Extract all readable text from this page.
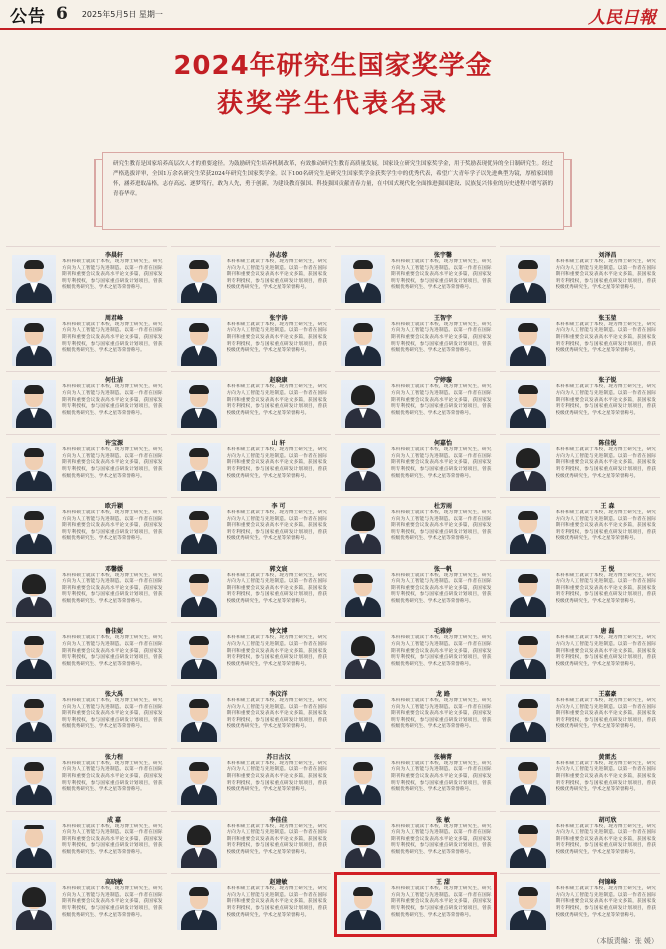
公告 6 2025年5月5日 星期一	人民日報
2024年研究生国家奖学金
获奖学生代表名录
研究生教育是国家培养高层次人才的重要途径。为鼓励研究生培养机制改革，有效推动研究生教育高质量发展，国家设立研究生国家奖学金，用于奖励表现优异的全日制研究生。经过严格选拔评审，全国1万余名研究生荣获2024年研究生国家奖学金。以下100名研究生是研究生国家奖学金获奖学生中的优秀代表，希望广大青年学子以先进典型为镜，厚植家国情怀，涵养进取品格，志存高远、逐梦笃行，敢为人先，勇于创新，为建设教育强国、科技强国贡献青春力量，在中国式现代化全面推进强国建设、民族复兴伟业的历史进程中谱写新的青春华章。
李晨轩
本科和硕士就读于本校，现为博士研究生，研究方向为人工智能与先进制造。以第一作者在国际期刊和重要会议发表高水平论文多篇，获国家发明专利授权，参与国家重点研发计划项目，曾获校级优秀研究生、学术之星等荣誉称号。
孙志蓉
本科和硕士就读于本校，现为博士研究生，研究方向为人工智能与先进制造。以第一作者在国际期刊和重要会议发表高水平论文多篇，获国家发明专利授权，参与国家重点研发计划项目，曾获校级优秀研究生、学术之星等荣誉称号。
张宇馨
本科和硕士就读于本校，现为博士研究生，研究方向为人工智能与先进制造。以第一作者在国际期刊和重要会议发表高水平论文多篇，获国家发明专利授权，参与国家重点研发计划项目，曾获校级优秀研究生、学术之星等荣誉称号。
刘泽昌
本科和硕士就读于本校，现为博士研究生，研究方向为人工智能与先进制造。以第一作者在国际期刊和重要会议发表高水平论文多篇，获国家发明专利授权，参与国家重点研发计划项目，曾获校级优秀研究生、学术之星等荣誉称号。
周君峰
本科和硕士就读于本校，现为博士研究生，研究方向为人工智能与先进制造。以第一作者在国际期刊和重要会议发表高水平论文多篇，获国家发明专利授权，参与国家重点研发计划项目，曾获校级优秀研究生、学术之星等荣誉称号。
张宇涛
本科和硕士就读于本校，现为博士研究生，研究方向为人工智能与先进制造。以第一作者在国际期刊和重要会议发表高水平论文多篇，获国家发明专利授权，参与国家重点研发计划项目，曾获校级优秀研究生、学术之星等荣誉称号。
王智宇
本科和硕士就读于本校，现为博士研究生，研究方向为人工智能与先进制造。以第一作者在国际期刊和重要会议发表高水平论文多篇，获国家发明专利授权，参与国家重点研发计划项目，曾获校级优秀研究生、学术之星等荣誉称号。
张玉堃
本科和硕士就读于本校，现为博士研究生，研究方向为人工智能与先进制造。以第一作者在国际期刊和重要会议发表高水平论文多篇，获国家发明专利授权，参与国家重点研发计划项目，曾获校级优秀研究生、学术之星等荣誉称号。
何仕洁
本科和硕士就读于本校，现为博士研究生，研究方向为人工智能与先进制造。以第一作者在国际期刊和重要会议发表高水平论文多篇，获国家发明专利授权，参与国家重点研发计划项目，曾获校级优秀研究生、学术之星等荣誉称号。
赵晓康
本科和硕士就读于本校，现为博士研究生，研究方向为人工智能与先进制造。以第一作者在国际期刊和重要会议发表高水平论文多篇，获国家发明专利授权，参与国家重点研发计划项目，曾获校级优秀研究生、学术之星等荣誉称号。
宁婷璇
本科和硕士就读于本校，现为博士研究生，研究方向为人工智能与先进制造。以第一作者在国际期刊和重要会议发表高水平论文多篇，获国家发明专利授权，参与国家重点研发计划项目，曾获校级优秀研究生、学术之星等荣誉称号。
张子锐
本科和硕士就读于本校，现为博士研究生，研究方向为人工智能与先进制造。以第一作者在国际期刊和重要会议发表高水平论文多篇，获国家发明专利授权，参与国家重点研发计划项目，曾获校级优秀研究生、学术之星等荣誉称号。
许宝源
本科和硕士就读于本校，现为博士研究生，研究方向为人工智能与先进制造。以第一作者在国际期刊和重要会议发表高水平论文多篇，获国家发明专利授权，参与国家重点研发计划项目，曾获校级优秀研究生、学术之星等荣誉称号。
山 轩
本科和硕士就读于本校，现为博士研究生，研究方向为人工智能与先进制造。以第一作者在国际期刊和重要会议发表高水平论文多篇，获国家发明专利授权，参与国家重点研发计划项目，曾获校级优秀研究生、学术之星等荣誉称号。
何嘉怡
本科和硕士就读于本校，现为博士研究生，研究方向为人工智能与先进制造。以第一作者在国际期刊和重要会议发表高水平论文多篇，获国家发明专利授权，参与国家重点研发计划项目，曾获校级优秀研究生、学术之星等荣誉称号。
陈佳悦
本科和硕士就读于本校，现为博士研究生，研究方向为人工智能与先进制造。以第一作者在国际期刊和重要会议发表高水平论文多篇，获国家发明专利授权，参与国家重点研发计划项目，曾获校级优秀研究生、学术之星等荣誉称号。
欧升颖
本科和硕士就读于本校，现为博士研究生，研究方向为人工智能与先进制造。以第一作者在国际期刊和重要会议发表高水平论文多篇，获国家发明专利授权，参与国家重点研发计划项目，曾获校级优秀研究生、学术之星等荣誉称号。
李 可
本科和硕士就读于本校，现为博士研究生，研究方向为人工智能与先进制造。以第一作者在国际期刊和重要会议发表高水平论文多篇，获国家发明专利授权，参与国家重点研发计划项目，曾获校级优秀研究生、学术之星等荣誉称号。
杜芳雨
本科和硕士就读于本校，现为博士研究生，研究方向为人工智能与先进制造。以第一作者在国际期刊和重要会议发表高水平论文多篇，获国家发明专利授权，参与国家重点研发计划项目，曾获校级优秀研究生、学术之星等荣誉称号。
王 森
本科和硕士就读于本校，现为博士研究生，研究方向为人工智能与先进制造。以第一作者在国际期刊和重要会议发表高水平论文多篇，获国家发明专利授权，参与国家重点研发计划项目，曾获校级优秀研究生、学术之星等荣誉称号。
邓馨媛
本科和硕士就读于本校，现为博士研究生，研究方向为人工智能与先进制造。以第一作者在国际期刊和重要会议发表高水平论文多篇，获国家发明专利授权，参与国家重点研发计划项目，曾获校级优秀研究生、学术之星等荣誉称号。
郭文宸
本科和硕士就读于本校，现为博士研究生，研究方向为人工智能与先进制造。以第一作者在国际期刊和重要会议发表高水平论文多篇，获国家发明专利授权，参与国家重点研发计划项目，曾获校级优秀研究生、学术之星等荣誉称号。
张一帆
本科和硕士就读于本校，现为博士研究生，研究方向为人工智能与先进制造。以第一作者在国际期刊和重要会议发表高水平论文多篇，获国家发明专利授权，参与国家重点研发计划项目，曾获校级优秀研究生、学术之星等荣誉称号。
王 悦
本科和硕士就读于本校，现为博士研究生，研究方向为人工智能与先进制造。以第一作者在国际期刊和重要会议发表高水平论文多篇，获国家发明专利授权，参与国家重点研发计划项目，曾获校级优秀研究生、学术之星等荣誉称号。
鲁佳妮
本科和硕士就读于本校，现为博士研究生，研究方向为人工智能与先进制造。以第一作者在国际期刊和重要会议发表高水平论文多篇，获国家发明专利授权，参与国家重点研发计划项目，曾获校级优秀研究生、学术之星等荣誉称号。
钟文博
本科和硕士就读于本校，现为博士研究生，研究方向为人工智能与先进制造。以第一作者在国际期刊和重要会议发表高水平论文多篇，获国家发明专利授权，参与国家重点研发计划项目，曾获校级优秀研究生、学术之星等荣誉称号。
毛雅婷
本科和硕士就读于本校，现为博士研究生，研究方向为人工智能与先进制造。以第一作者在国际期刊和重要会议发表高水平论文多篇，获国家发明专利授权，参与国家重点研发计划项目，曾获校级优秀研究生、学术之星等荣誉称号。
唐 磊
本科和硕士就读于本校，现为博士研究生，研究方向为人工智能与先进制造。以第一作者在国际期刊和重要会议发表高水平论文多篇，获国家发明专利授权，参与国家重点研发计划项目，曾获校级优秀研究生、学术之星等荣誉称号。
张大禹
本科和硕士就读于本校，现为博士研究生，研究方向为人工智能与先进制造。以第一作者在国际期刊和重要会议发表高水平论文多篇，获国家发明专利授权，参与国家重点研发计划项目，曾获校级优秀研究生、学术之星等荣誉称号。
李汶洋
本科和硕士就读于本校，现为博士研究生，研究方向为人工智能与先进制造。以第一作者在国际期刊和重要会议发表高水平论文多篇，获国家发明专利授权，参与国家重点研发计划项目，曾获校级优秀研究生、学术之星等荣誉称号。
龙 路
本科和硕士就读于本校，现为博士研究生，研究方向为人工智能与先进制造。以第一作者在国际期刊和重要会议发表高水平论文多篇，获国家发明专利授权，参与国家重点研发计划项目，曾获校级优秀研究生、学术之星等荣誉称号。
王嘉豪
本科和硕士就读于本校，现为博士研究生，研究方向为人工智能与先进制造。以第一作者在国际期刊和重要会议发表高水平论文多篇，获国家发明专利授权，参与国家重点研发计划项目，曾获校级优秀研究生、学术之星等荣誉称号。
张力程
本科和硕士就读于本校，现为博士研究生，研究方向为人工智能与先进制造。以第一作者在国际期刊和重要会议发表高水平论文多篇，获国家发明专利授权，参与国家重点研发计划项目，曾获校级优秀研究生、学术之星等荣誉称号。
苏日古汉
本科和硕士就读于本校，现为博士研究生，研究方向为人工智能与先进制造。以第一作者在国际期刊和重要会议发表高水平论文多篇，获国家发明专利授权，参与国家重点研发计划项目，曾获校级优秀研究生、学术之星等荣誉称号。
张楠菁
本科和硕士就读于本校，现为博士研究生，研究方向为人工智能与先进制造。以第一作者在国际期刊和重要会议发表高水平论文多篇，获国家发明专利授权，参与国家重点研发计划项目，曾获校级优秀研究生、学术之星等荣誉称号。
黄雷杰
本科和硕士就读于本校，现为博士研究生，研究方向为人工智能与先进制造。以第一作者在国际期刊和重要会议发表高水平论文多篇，获国家发明专利授权，参与国家重点研发计划项目，曾获校级优秀研究生、学术之星等荣誉称号。
成 嘉
本科和硕士就读于本校，现为博士研究生，研究方向为人工智能与先进制造。以第一作者在国际期刊和重要会议发表高水平论文多篇，获国家发明专利授权，参与国家重点研发计划项目，曾获校级优秀研究生、学术之星等荣誉称号。
李佳佳
本科和硕士就读于本校，现为博士研究生，研究方向为人工智能与先进制造。以第一作者在国际期刊和重要会议发表高水平论文多篇，获国家发明专利授权，参与国家重点研发计划项目，曾获校级优秀研究生、学术之星等荣誉称号。
张 敏
本科和硕士就读于本校，现为博士研究生，研究方向为人工智能与先进制造。以第一作者在国际期刊和重要会议发表高水平论文多篇，获国家发明专利授权，参与国家重点研发计划项目，曾获校级优秀研究生、学术之星等荣誉称号。
胡可欣
本科和硕士就读于本校，现为博士研究生，研究方向为人工智能与先进制造。以第一作者在国际期刊和重要会议发表高水平论文多篇，获国家发明专利授权，参与国家重点研发计划项目，曾获校级优秀研究生、学术之星等荣誉称号。
高晓敏
本科和硕士就读于本校，现为博士研究生，研究方向为人工智能与先进制造。以第一作者在国际期刊和重要会议发表高水平论文多篇，获国家发明专利授权，参与国家重点研发计划项目，曾获校级优秀研究生、学术之星等荣誉称号。
赵建敏
本科和硕士就读于本校，现为博士研究生，研究方向为人工智能与先进制造。以第一作者在国际期刊和重要会议发表高水平论文多篇，获国家发明专利授权，参与国家重点研发计划项目，曾获校级优秀研究生、学术之星等荣誉称号。
王 甜
本科和硕士就读于本校，现为博士研究生，研究方向为人工智能与先进制造。以第一作者在国际期刊和重要会议发表高水平论文多篇，获国家发明专利授权，参与国家重点研发计划项目，曾获校级优秀研究生、学术之星等荣誉称号。
何锦峰
本科和硕士就读于本校，现为博士研究生，研究方向为人工智能与先进制造。以第一作者在国际期刊和重要会议发表高水平论文多篇，获国家发明专利授权，参与国家重点研发计划项目，曾获校级优秀研究生、学术之星等荣誉称号。
（本版责编：张 媛）
